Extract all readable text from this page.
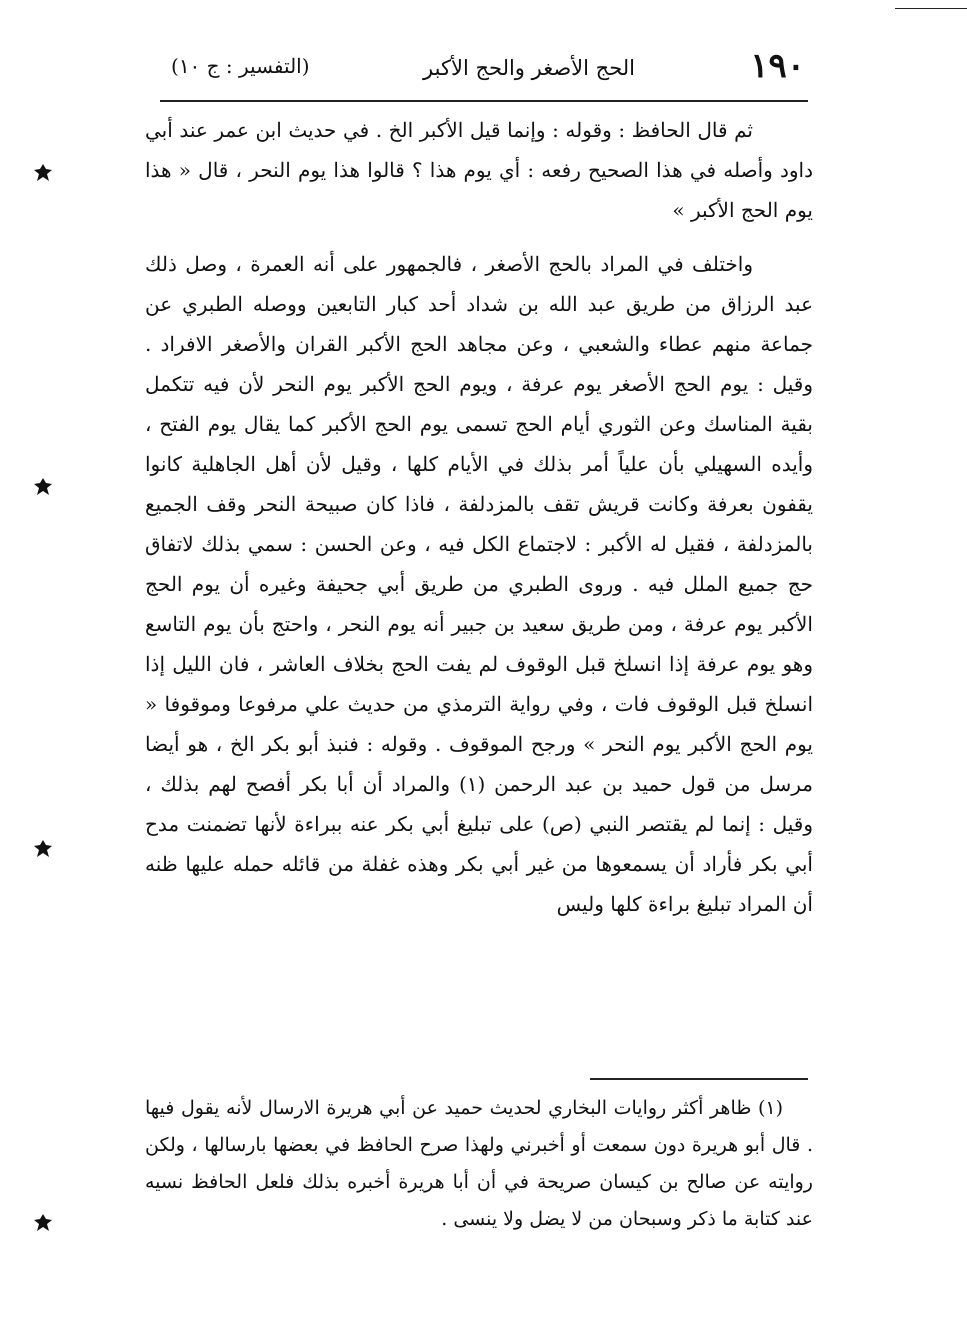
١٩٠
الحج الأصغر والحج الأكبر
(التفسير : ج ١٠)

ثم قال الحافظ : وقوله : وإنما قيل الأكبر الخ . في حديث ابن عمر عند أبي داود وأصله في هذا الصحيح رفعه : أي يوم هذا ؟ قالوا هذا يوم النحر ، قال « هذا يوم الحج الأكبر »

واختلف في المراد بالحج الأصغر ، فالجمهور على أنه العمرة ، وصل ذلك عبد الرزاق من طريق عبد الله بن شداد أحد كبار التابعين ووصله الطبري عن جماعة منهم عطاء والشعبي ، وعن مجاهد الحج الأكبر القران والأصغر الافراد . وقيل : يوم الحج الأصغر يوم عرفة ، ويوم الحج الأكبر يوم النحر لأن فيه تتكمل بقية المناسك وعن الثوري أيام الحج تسمى يوم الحج الأكبر كما يقال يوم الفتح ، وأيده السهيلي بأن علياً أمر بذلك في الأيام كلها ، وقيل لأن أهل الجاهلية كانوا يقفون بعرفة وكانت قريش تقف بالمزدلفة ، فاذا كان صبيحة النحر وقف الجميع بالمزدلفة ، فقيل له الأكبر : لاجتماع الكل فيه ، وعن الحسن : سمي بذلك لاتفاق حج جميع الملل فيه . وروى الطبري من طريق أبي جحيفة وغيره أن يوم الحج الأكبر يوم عرفة ، ومن طريق سعيد بن جبير أنه يوم النحر ، واحتج بأن يوم التاسع وهو يوم عرفة إذا انسلخ قبل الوقوف لم يفت الحج بخلاف العاشر ، فان الليل إذا انسلخ قبل الوقوف فات ، وفي رواية الترمذي من حديث علي مرفوعا وموقوفا « يوم الحج الأكبر يوم النحر » ورجح الموقوف . وقوله : فنبذ أبو بكر الخ ، هو أيضا مرسل من قول حميد بن عبد الرحمن (١) والمراد أن أبا بكر أفصح لهم بذلك ، وقيل : إنما لم يقتصر النبي (ص) على تبليغ أبي بكر عنه ببراءة لأنها تضمنت مدح أبي بكر فأراد أن يسمعوها من غير أبي بكر وهذه غفلة من قائله حمله عليها ظنه أن المراد تبليغ براءة كلها وليس

(١) ظاهر أكثر روايات البخاري لحديث حميد عن أبي هريرة الارسال لأنه يقول فيها . قال أبو هريرة دون سمعت أو أخبرني ولهذا صرح الحافظ في بعضها بارسالها ، ولكن روايته عن صالح بن كيسان صريحة في أن أبا هريرة أخبره بذلك فلعل الحافظ نسيه عند كتابة ما ذكر وسبحان من لا يضل ولا ينسى .
